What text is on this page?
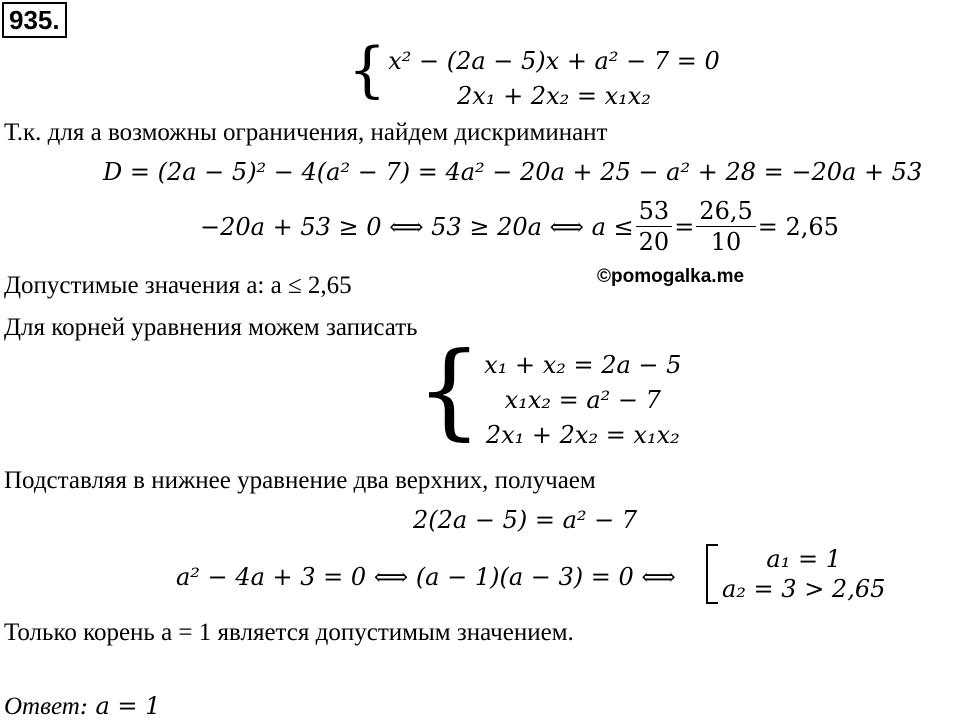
935.
{ x² − (2a − 5)x + a² − 7 = 0
2x₁ + 2x₂ = x₁x₂
Т.к. для a возможны ограничения, найдем дискриминант
D = (2a − 5)² − 4(a² − 7) = 4a² − 20a + 25 − a² + 28 = −20a + 53
−20a + 53 ≥ 0 ⟺ 53 ≥ 20a ⟺ $a \le \frac{53}{20} = \frac{26,5}{10} = 2,65$
©pomogalka.me
Допустимые значения a: a ≤ 2,65
Для корней уравнения можем записать
{ x₁ + x₂ = 2a − 5
x₁x₂ = a² − 7
2x₁ + 2x₂ = x₁x₂
Подставляя в нижнее уравнение два верхних, получаем
2(2a − 5) = a² − 7
a² − 4a + 3 = 0 ⟺ (a − 1)(a − 3) = 0 ⟺
a₁ = 1
a₂ = 3 > 2,65
Только корень a = 1 является допустимым значением.
Ответ: a = 1
